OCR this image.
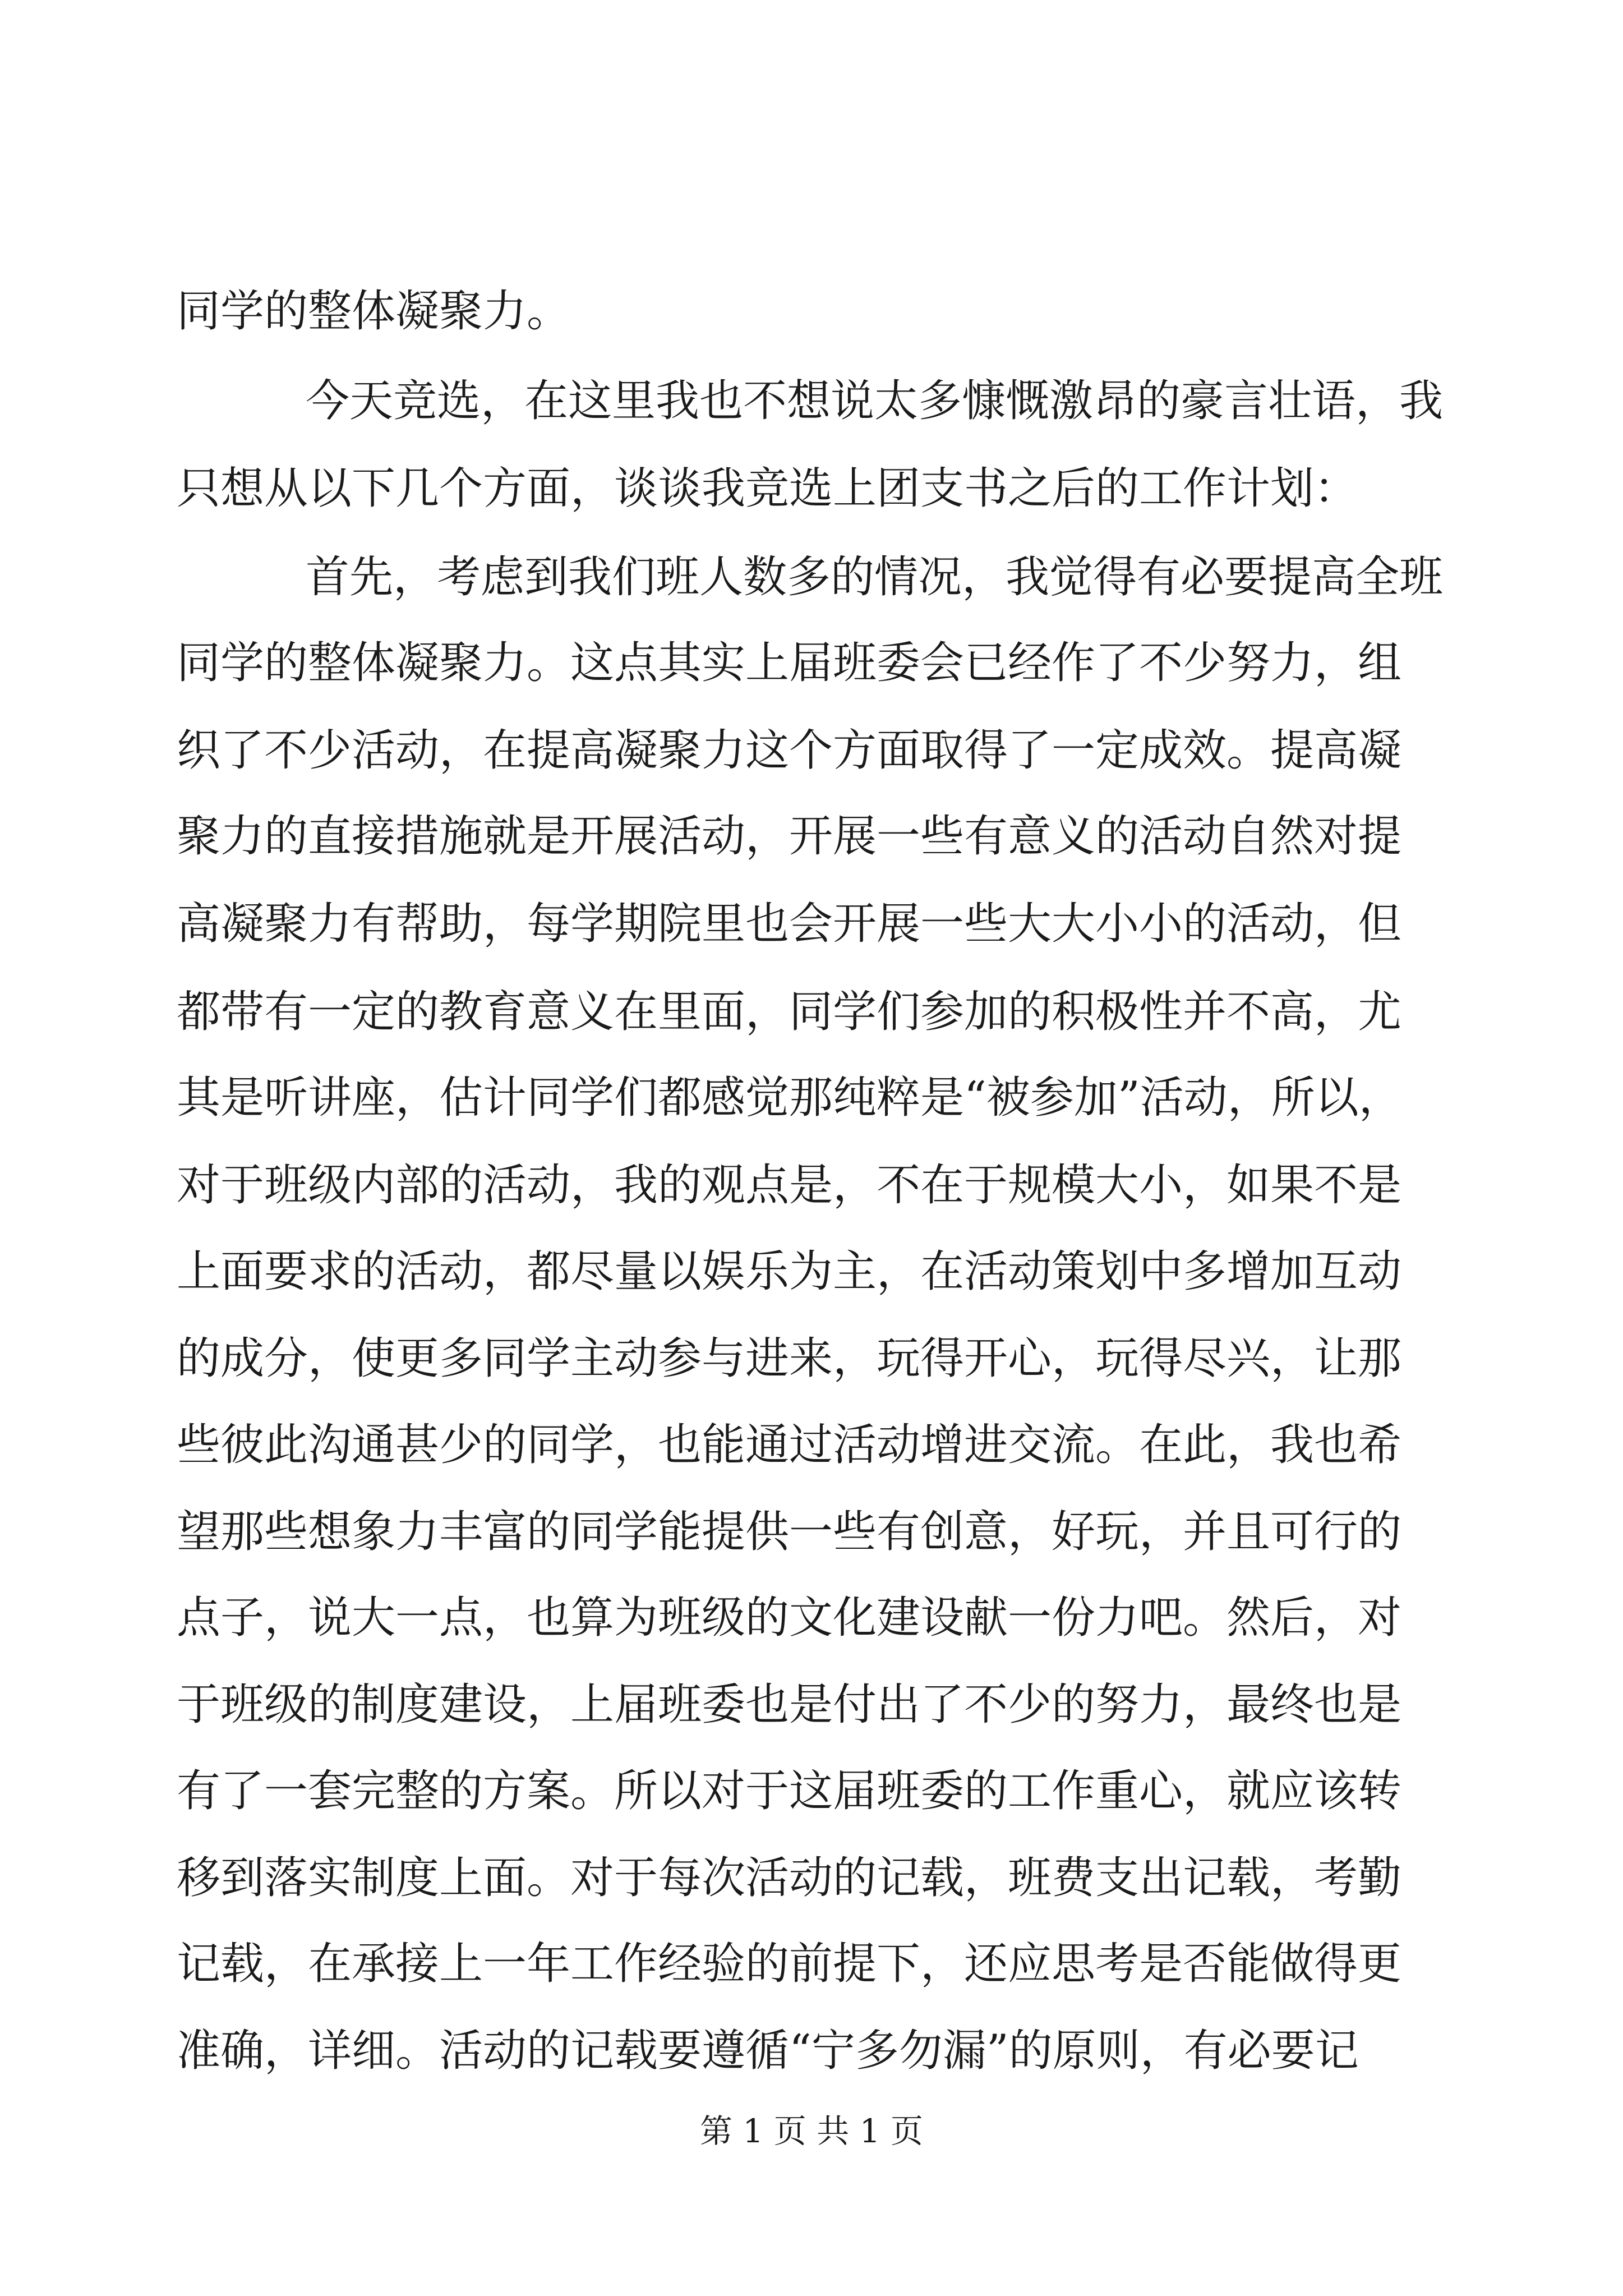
同学的整体凝聚力。
今天竞选，在这里我也不想说太多慷慨激昂的豪言壮语，我
只想从以下几个方面，谈谈我竞选上团支书之后的工作计划：
首先，考虑到我们班人数多的情况，我觉得有必要提高全班
同学的整体凝聚力。这点其实上届班委会已经作了不少努力，组
织了不少活动，在提高凝聚力这个方面取得了一定成效。提高凝
聚力的直接措施就是开展活动，开展一些有意义的活动自然对提
高凝聚力有帮助，每学期院里也会开展一些大大小小的活动，但
都带有一定的教育意义在里面，同学们参加的积极性并不高，尤
其是听讲座，估计同学们都感觉那纯粹是“被参加”活动，所以，
对于班级内部的活动，我的观点是，不在于规模大小，如果不是
上面要求的活动，都尽量以娱乐为主，在活动策划中多增加互动
的成分，使更多同学主动参与进来，玩得开心，玩得尽兴，让那
些彼此沟通甚少的同学，也能通过活动增进交流。在此，我也希
望那些想象力丰富的同学能提供一些有创意，好玩，并且可行的
点子，说大一点，也算为班级的文化建设献一份力吧。然后，对
于班级的制度建设，上届班委也是付出了不少的努力，最终也是
有了一套完整的方案。所以对于这届班委的工作重心，就应该转
移到落实制度上面。对于每次活动的记载，班费支出记载，考勤
记载，在承接上一年工作经验的前提下，还应思考是否能做得更
准确，详细。活动的记载要遵循“宁多勿漏”的原则，有必要记
第 1 页 共 1 页
